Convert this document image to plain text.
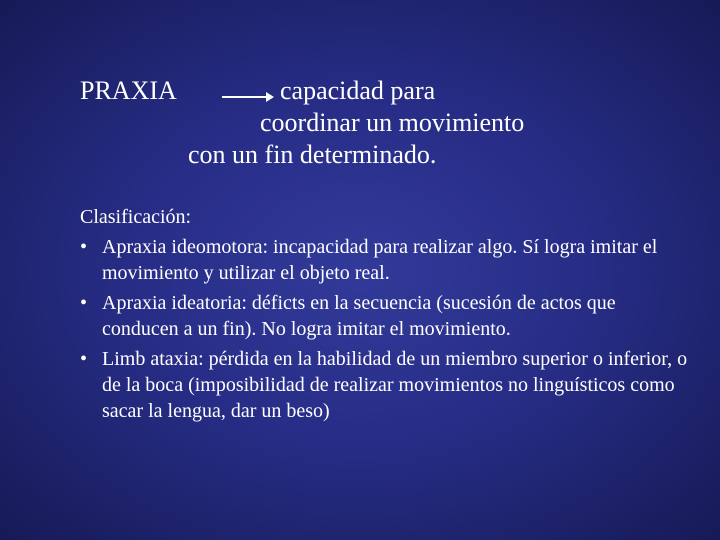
PRAXIA	capacidad para
coordinar un movimiento
con un fin determinado.
Clasificación:
• Apraxia ideomotora: incapacidad para realizar algo. Sí logra imitar el movimiento y utilizar el objeto real.
• Apraxia ideatoria: déficts en la secuencia (sucesión de actos que conducen a un fin). No logra imitar el movimiento.
• Limb ataxia: pérdida en la habilidad de un miembro superior o inferior, o de la boca (imposibilidad de realizar movimientos no linguísticos como sacar la lengua, dar un beso)
